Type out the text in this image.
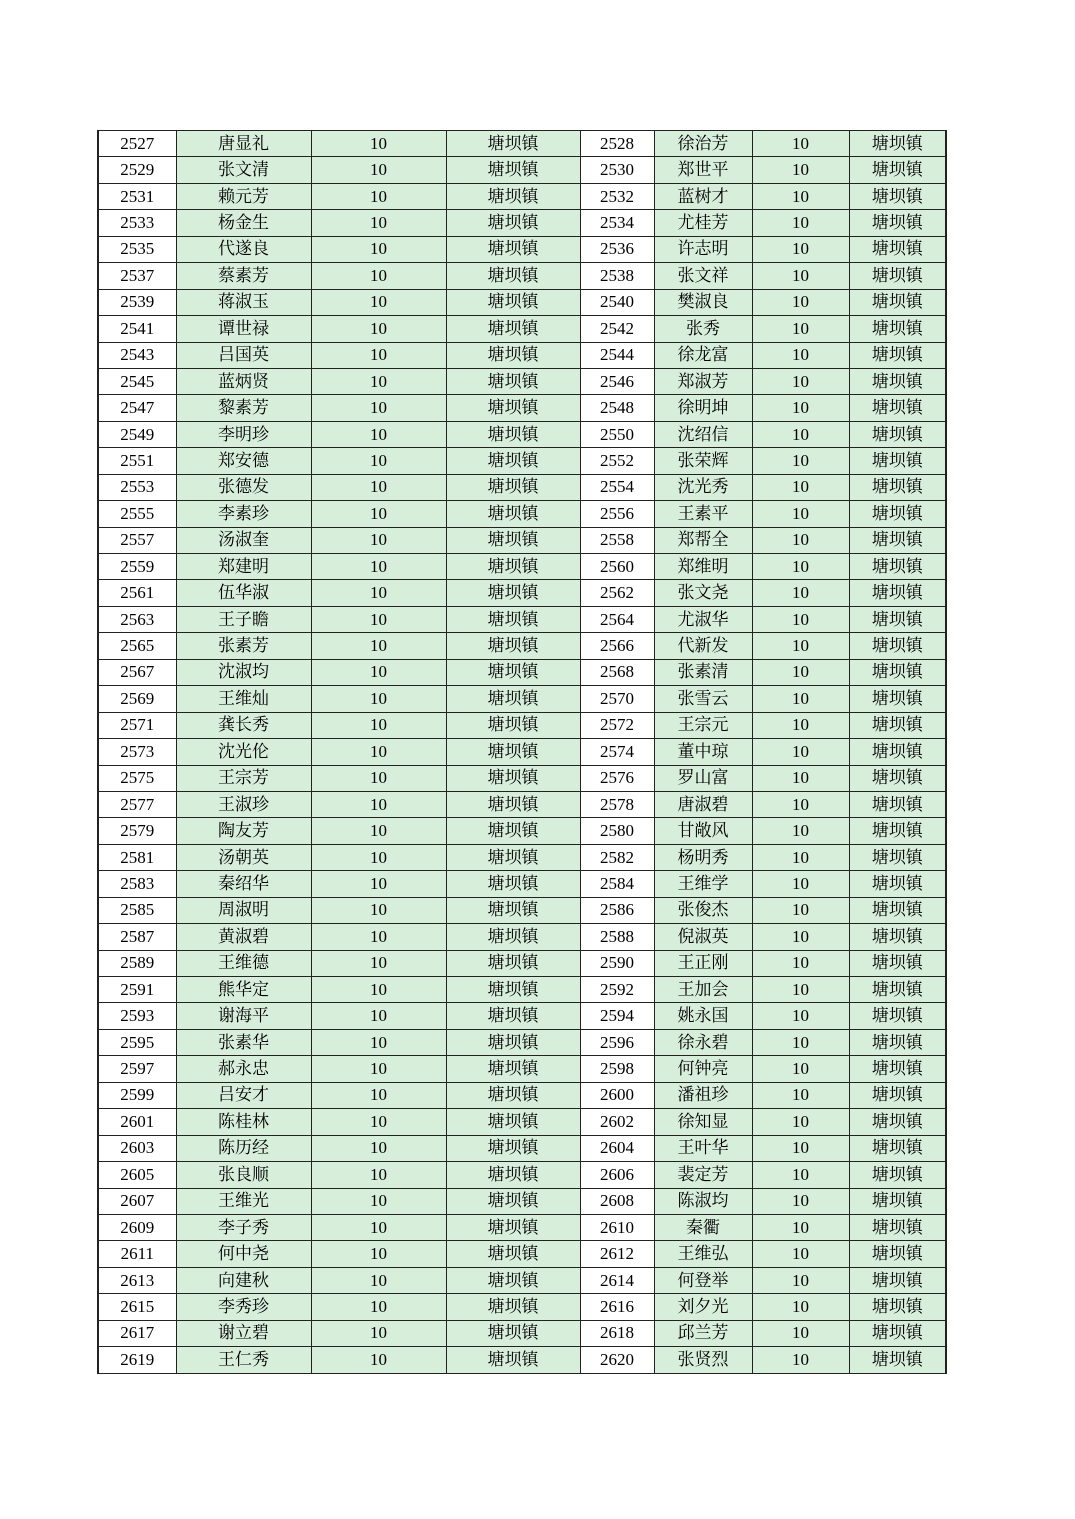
2527	唐显礼	10	塘坝镇	2528	徐治芳	10	塘坝镇
2529	张文清	10	塘坝镇	2530	郑世平	10	塘坝镇
2531	赖元芳	10	塘坝镇	2532	蓝树才	10	塘坝镇
2533	杨金生	10	塘坝镇	2534	尤桂芳	10	塘坝镇
2535	代遂良	10	塘坝镇	2536	许志明	10	塘坝镇
2537	蔡素芳	10	塘坝镇	2538	张文祥	10	塘坝镇
2539	蒋淑玉	10	塘坝镇	2540	樊淑良	10	塘坝镇
2541	谭世禄	10	塘坝镇	2542	张秀	10	塘坝镇
2543	吕国英	10	塘坝镇	2544	徐龙富	10	塘坝镇
2545	蓝炳贤	10	塘坝镇	2546	郑淑芳	10	塘坝镇
2547	黎素芳	10	塘坝镇	2548	徐明坤	10	塘坝镇
2549	李明珍	10	塘坝镇	2550	沈绍信	10	塘坝镇
2551	郑安德	10	塘坝镇	2552	张荣辉	10	塘坝镇
2553	张德发	10	塘坝镇	2554	沈光秀	10	塘坝镇
2555	李素珍	10	塘坝镇	2556	王素平	10	塘坝镇
2557	汤淑奎	10	塘坝镇	2558	郑帮全	10	塘坝镇
2559	郑建明	10	塘坝镇	2560	郑维明	10	塘坝镇
2561	伍华淑	10	塘坝镇	2562	张文尧	10	塘坝镇
2563	王子瞻	10	塘坝镇	2564	尤淑华	10	塘坝镇
2565	张素芳	10	塘坝镇	2566	代新发	10	塘坝镇
2567	沈淑均	10	塘坝镇	2568	张素清	10	塘坝镇
2569	王维灿	10	塘坝镇	2570	张雪云	10	塘坝镇
2571	龚长秀	10	塘坝镇	2572	王宗元	10	塘坝镇
2573	沈光伦	10	塘坝镇	2574	董中琼	10	塘坝镇
2575	王宗芳	10	塘坝镇	2576	罗山富	10	塘坝镇
2577	王淑珍	10	塘坝镇	2578	唐淑碧	10	塘坝镇
2579	陶友芳	10	塘坝镇	2580	甘敞风	10	塘坝镇
2581	汤朝英	10	塘坝镇	2582	杨明秀	10	塘坝镇
2583	秦绍华	10	塘坝镇	2584	王维学	10	塘坝镇
2585	周淑明	10	塘坝镇	2586	张俊杰	10	塘坝镇
2587	黄淑碧	10	塘坝镇	2588	倪淑英	10	塘坝镇
2589	王维德	10	塘坝镇	2590	王正刚	10	塘坝镇
2591	熊华定	10	塘坝镇	2592	王加会	10	塘坝镇
2593	谢海平	10	塘坝镇	2594	姚永国	10	塘坝镇
2595	张素华	10	塘坝镇	2596	徐永碧	10	塘坝镇
2597	郝永忠	10	塘坝镇	2598	何钟亮	10	塘坝镇
2599	吕安才	10	塘坝镇	2600	潘祖珍	10	塘坝镇
2601	陈桂林	10	塘坝镇	2602	徐知显	10	塘坝镇
2603	陈历经	10	塘坝镇	2604	王叶华	10	塘坝镇
2605	张良顺	10	塘坝镇	2606	裴定芳	10	塘坝镇
2607	王维光	10	塘坝镇	2608	陈淑均	10	塘坝镇
2609	李子秀	10	塘坝镇	2610	秦衢	10	塘坝镇
2611	何中尧	10	塘坝镇	2612	王维弘	10	塘坝镇
2613	向建秋	10	塘坝镇	2614	何登举	10	塘坝镇
2615	李秀珍	10	塘坝镇	2616	刘夕光	10	塘坝镇
2617	谢立碧	10	塘坝镇	2618	邱兰芳	10	塘坝镇
2619	王仁秀	10	塘坝镇	2620	张贤烈	10	塘坝镇
